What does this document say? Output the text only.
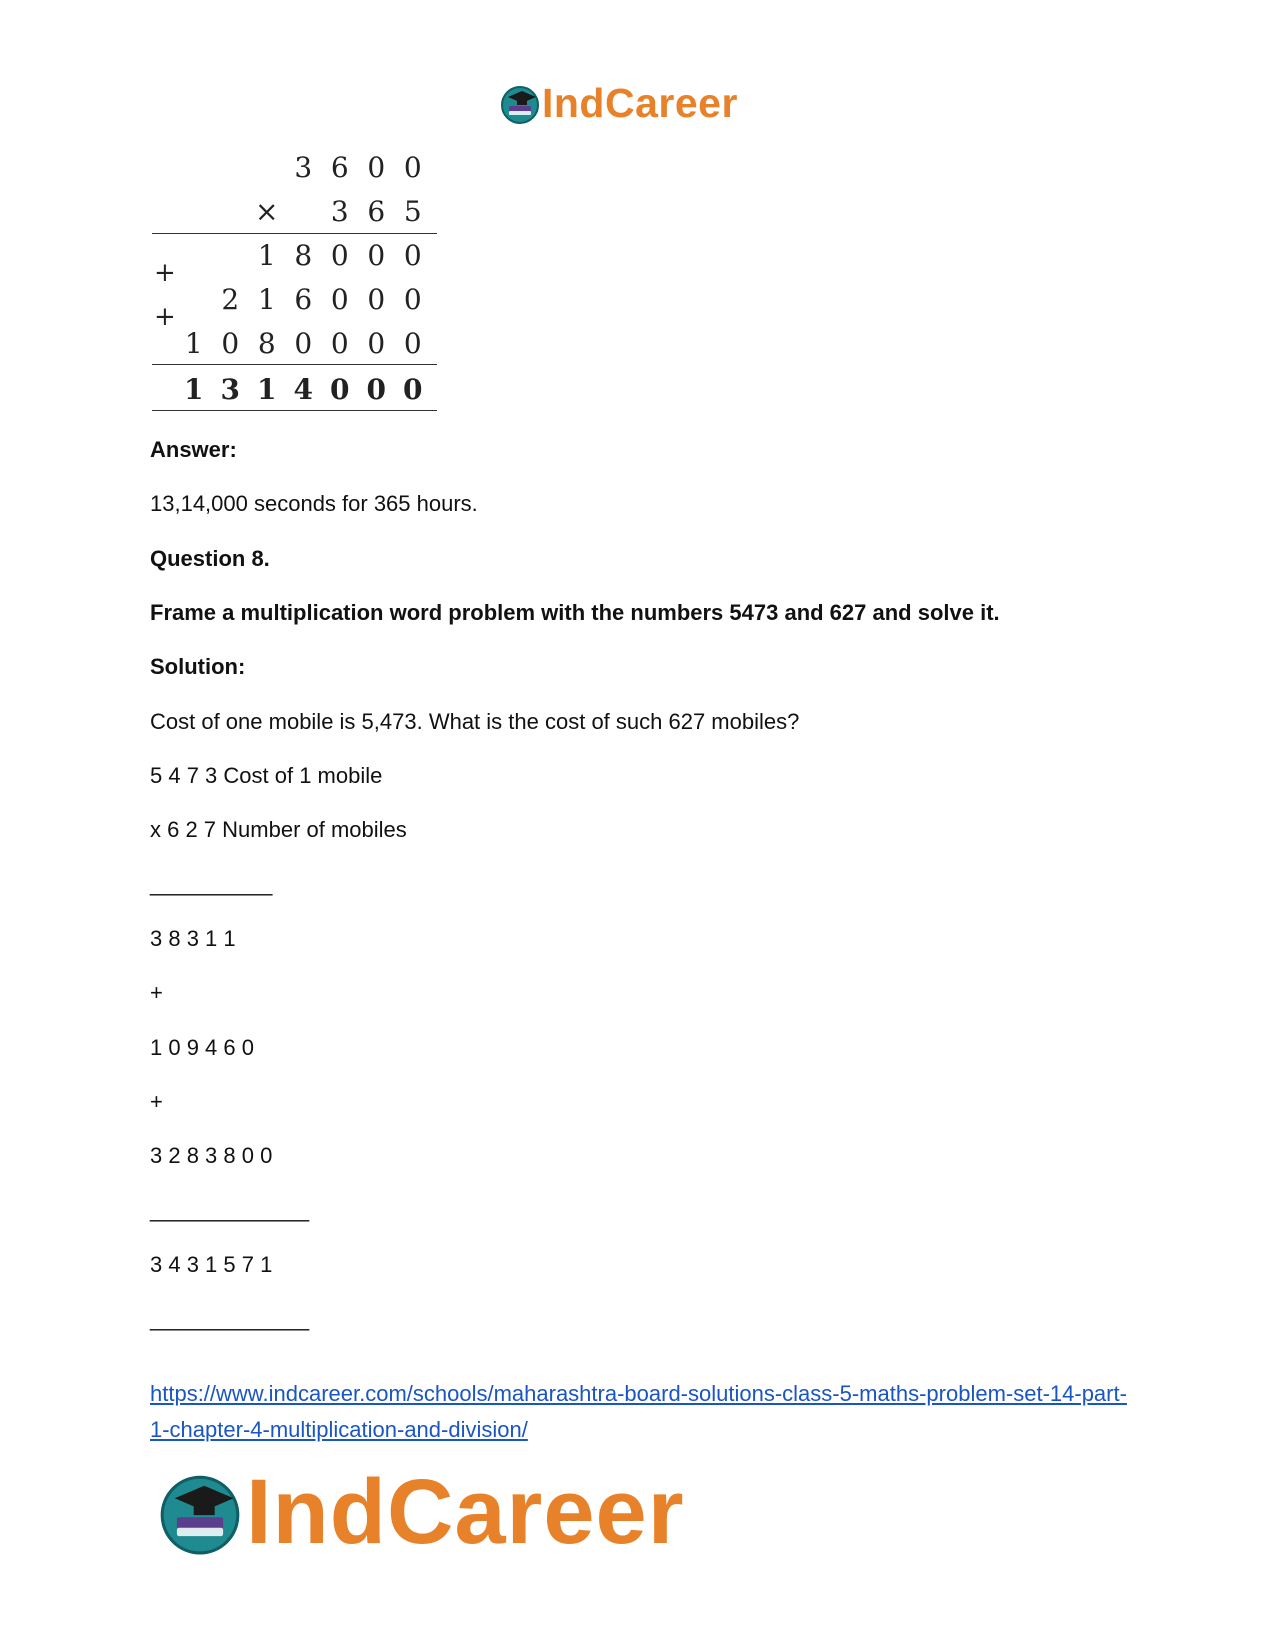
IndCareer
3 6 0 0
×	3 6 5
1 8 0 0 0
+
2 1 6 0 0 0
+
1 0 8 0 0 0 0
1 3 1 4 0 0 0
Answer:
13,14,000 seconds for 365 hours.
Question 8.
Frame a multiplication word problem with the numbers 5473 and 627 and solve it.
Solution:
Cost of one mobile is 5,473. What is the cost of such 627 mobiles?
5 4 7 3 Cost of 1 mobile
x 6 2 7 Number of mobiles
__________
3 8 3 1 1
+
1 0 9 4 6 0
+
3 2 8 3 8 0 0
_____________
3 4 3 1 5 7 1
_____________
https://www.indcareer.com/schools/maharashtra-board-solutions-class-5-maths-problem-set-14-part-1-chapter-4-multiplication-and-division/
IndCareer
